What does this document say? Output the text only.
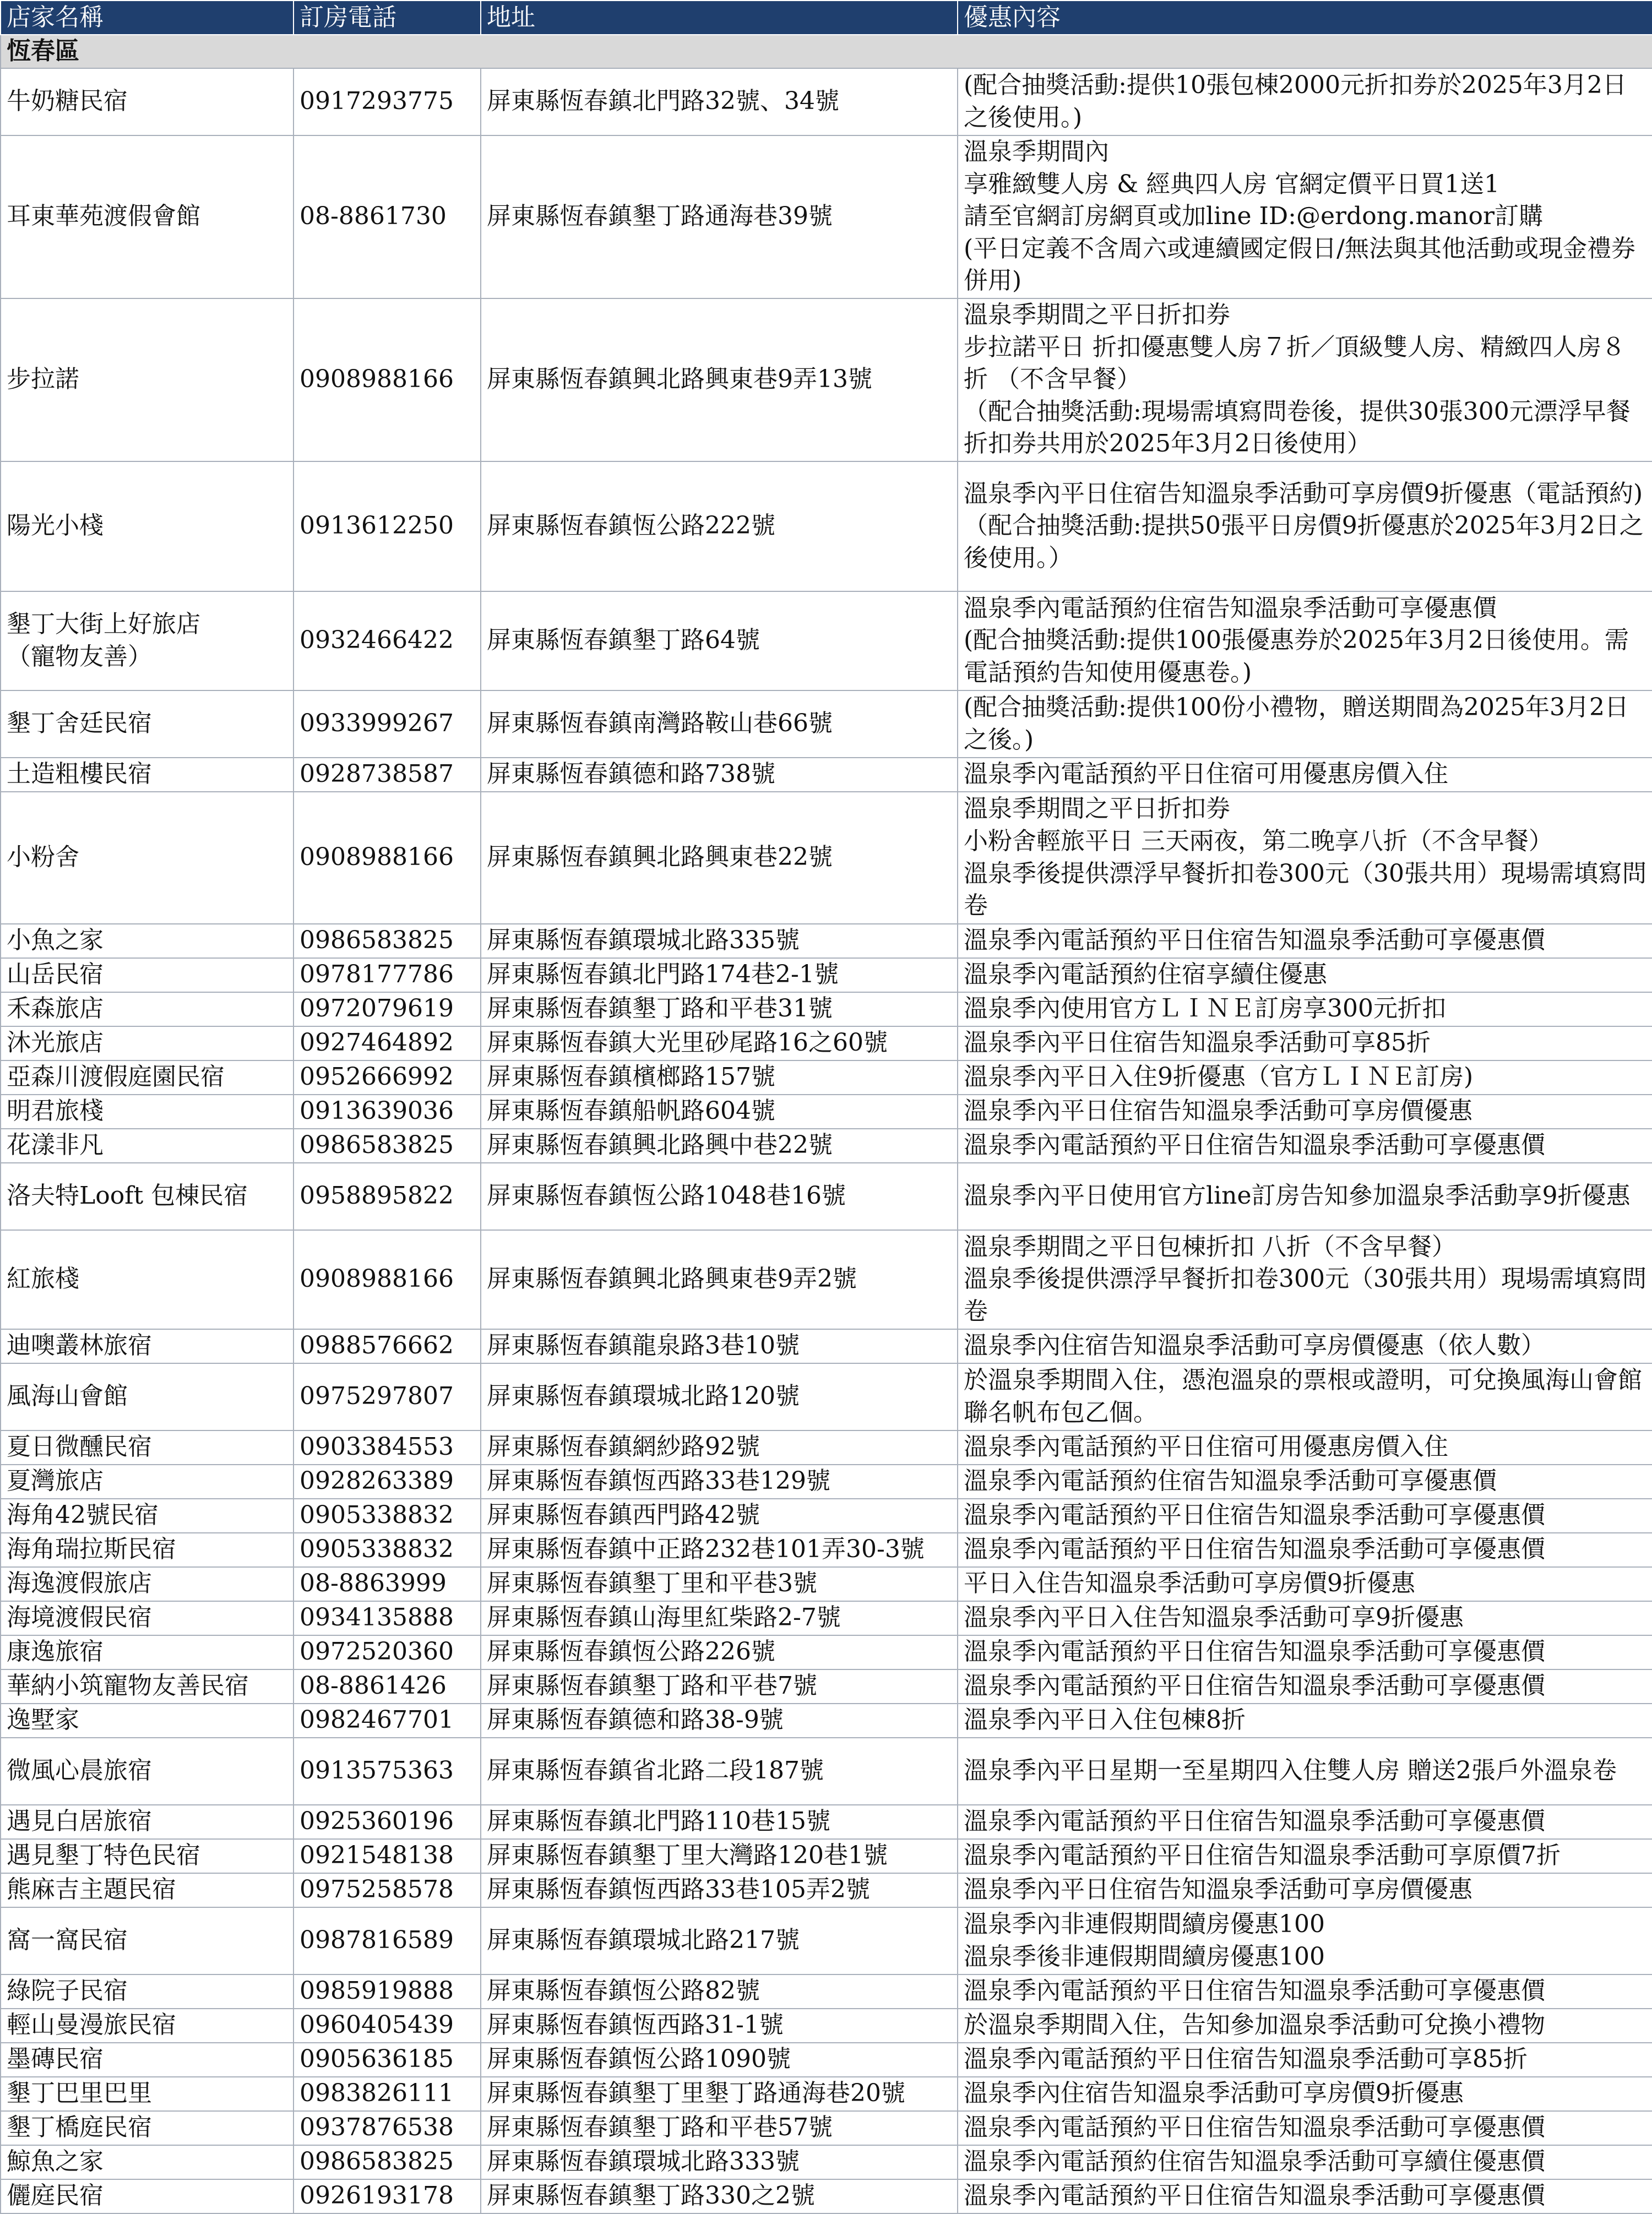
店家名稱	訂房電話	地址	優惠內容
恆春區			
牛奶糖民宿	0917293775	屏東縣恆春鎮北門路32號、34號	(配合抽獎活動:提供10張包棟2000元折扣券於2025年3月2日之後使用。)
耳東華苑渡假會館	08-8861730	屏東縣恆春鎮墾丁路通海巷39號	溫泉季期間內
享雅緻雙人房 & 經典四人房 官網定價平日買1送1
請至官網訂房網頁或加line ID:@erdong.manor訂購
(平日定義不含周六或連續國定假日/無法與其他活動或現金禮券併用)
步拉諾	0908988166	屏東縣恆春鎮興北路興東巷9弄13號	溫泉季期間之平日折扣券
步拉諾平日 折扣優惠雙人房７折／頂級雙人房、精緻四人房８折 （不含早餐）
（配合抽獎活動:現場需填寫問卷後，提供30張300元漂浮早餐折扣券共用於2025年3月2日後使用）
陽光小棧	0913612250	屏東縣恆春鎮恆公路222號	溫泉季內平日住宿告知溫泉季活動可享房價9折優惠（電話預約)
（配合抽獎活動:提拱50張平日房價9折優惠於2025年3月2日之後使用。）
墾丁大街上好旅店
（寵物友善）	0932466422	屏東縣恆春鎮墾丁路64號	溫泉季內電話預約住宿告知溫泉季活動可享優惠價
(配合抽獎活動:提供100張優惠券於2025年3月2日後使用。需電話預約告知使用優惠卷。)
墾丁舍廷民宿	0933999267	屏東縣恆春鎮南灣路鞍山巷66號	(配合抽獎活動:提供100份小禮物，贈送期間為2025年3月2日之後。)
土造粗樓民宿	0928738587	屏東縣恆春鎮德和路738號	溫泉季內電話預約平日住宿可用優惠房價入住
小粉舍	0908988166	屏東縣恆春鎮興北路興東巷22號	溫泉季期間之平日折扣券
小粉舍輕旅平日 三天兩夜，第二晚享八折（不含早餐）
溫泉季後提供漂浮早餐折扣卷300元（30張共用）現場需填寫問卷
小魚之家	0986583825	屏東縣恆春鎮環城北路335號	溫泉季內電話預約平日住宿告知溫泉季活動可享優惠價
山岳民宿	0978177786	屏東縣恆春鎮北門路174巷2-1號	溫泉季內電話預約住宿享續住優惠
禾森旅店	0972079619	屏東縣恆春鎮墾丁路和平巷31號	溫泉季內使用官方ＬＩＮＥ訂房享300元折扣
沐光旅店	0927464892	屏東縣恆春鎮大光里砂尾路16之60號	溫泉季內平日住宿告知溫泉季活動可享85折
亞森川渡假庭園民宿	0952666992	屏東縣恆春鎮檳榔路157號	溫泉季內平日入住9折優惠（官方ＬＩＮＥ訂房)
明君旅棧	0913639036	屏東縣恆春鎮船帆路604號	溫泉季內平日住宿告知溫泉季活動可享房價優惠
花漾非凡	0986583825	屏東縣恆春鎮興北路興中巷22號	溫泉季內電話預約平日住宿告知溫泉季活動可享優惠價
洛夫特Looft 包棟民宿	0958895822	屏東縣恆春鎮恆公路1048巷16號	溫泉季內平日使用官方line訂房告知參加溫泉季活動享9折優惠
紅旅棧	0908988166	屏東縣恆春鎮興北路興東巷9弄2號	溫泉季期間之平日包棟折扣 八折（不含早餐）
溫泉季後提供漂浮早餐折扣卷300元（30張共用）現場需填寫問卷
迪噢叢林旅宿	0988576662	屏東縣恆春鎮龍泉路3巷10號	溫泉季內住宿告知溫泉季活動可享房價優惠（依人數）
風海山會館	0975297807	屏東縣恆春鎮環城北路120號	於溫泉季期間入住，憑泡溫泉的票根或證明，可兌換風海山會館聯名帆布包乙個。
夏日微醺民宿	0903384553	屏東縣恆春鎮網紗路92號	溫泉季內電話預約平日住宿可用優惠房價入住
夏灣旅店	0928263389	屏東縣恆春鎮恆西路33巷129號	溫泉季內電話預約住宿告知溫泉季活動可享優惠價
海角42號民宿	0905338832	屏東縣恆春鎮西門路42號	溫泉季內電話預約平日住宿告知溫泉季活動可享優惠價
海角瑞拉斯民宿	0905338832	屏東縣恆春鎮中正路232巷101弄30-3號	溫泉季內電話預約平日住宿告知溫泉季活動可享優惠價
海逸渡假旅店	08-8863999	屏東縣恆春鎮墾丁里和平巷3號	平日入住告知溫泉季活動可享房價9折優惠
海境渡假民宿	0934135888	屏東縣恆春鎮山海里紅柴路2-7號	溫泉季內平日入住告知溫泉季活動可享9折優惠
康逸旅宿	0972520360	屏東縣恆春鎮恆公路226號	溫泉季內電話預約平日住宿告知溫泉季活動可享優惠價
華納小筑寵物友善民宿	08-8861426	屏東縣恆春鎮墾丁路和平巷7號	溫泉季內電話預約平日住宿告知溫泉季活動可享優惠價
逸墅家	0982467701	屏東縣恆春鎮德和路38-9號	溫泉季內平日入住包棟8折
微風心晨旅宿	0913575363	屏東縣恆春鎮省北路二段187號	溫泉季內平日星期一至星期四入住雙人房 贈送2張戶外溫泉卷
遇見白居旅宿	0925360196	屏東縣恆春鎮北門路110巷15號	溫泉季內電話預約平日住宿告知溫泉季活動可享優惠價
遇見墾丁特色民宿	0921548138	屏東縣恆春鎮墾丁里大灣路120巷1號	溫泉季內電話預約平日住宿告知溫泉季活動可享原價7折
熊麻吉主題民宿	0975258578	屏東縣恆春鎮恆西路33巷105弄2號	溫泉季內平日住宿告知溫泉季活動可享房價優惠
窩一窩民宿	0987816589	屏東縣恆春鎮環城北路217號	溫泉季內非連假期間續房優惠100
溫泉季後非連假期間續房優惠100
綠院子民宿	0985919888	屏東縣恆春鎮恆公路82號	溫泉季內電話預約平日住宿告知溫泉季活動可享優惠價
輕山曼漫旅民宿	0960405439	屏東縣恆春鎮恆西路31-1號	於溫泉季期間入住，告知參加溫泉季活動可兌換小禮物
墨磚民宿	0905636185	屏東縣恆春鎮恆公路1090號	溫泉季內電話預約平日住宿告知溫泉季活動可享85折
墾丁巴里巴里	0983826111	屏東縣恆春鎮墾丁里墾丁路通海巷20號	溫泉季內住宿告知溫泉季活動可享房價9折優惠
墾丁橋庭民宿	0937876538	屏東縣恆春鎮墾丁路和平巷57號	溫泉季內電話預約平日住宿告知溫泉季活動可享優惠價
鯨魚之家	0986583825	屏東縣恆春鎮環城北路333號	溫泉季內電話預約住宿告知溫泉季活動可享續住優惠價
儷庭民宿	0926193178	屏東縣恆春鎮墾丁路330之2號	溫泉季內電話預約平日住宿告知溫泉季活動可享優惠價
